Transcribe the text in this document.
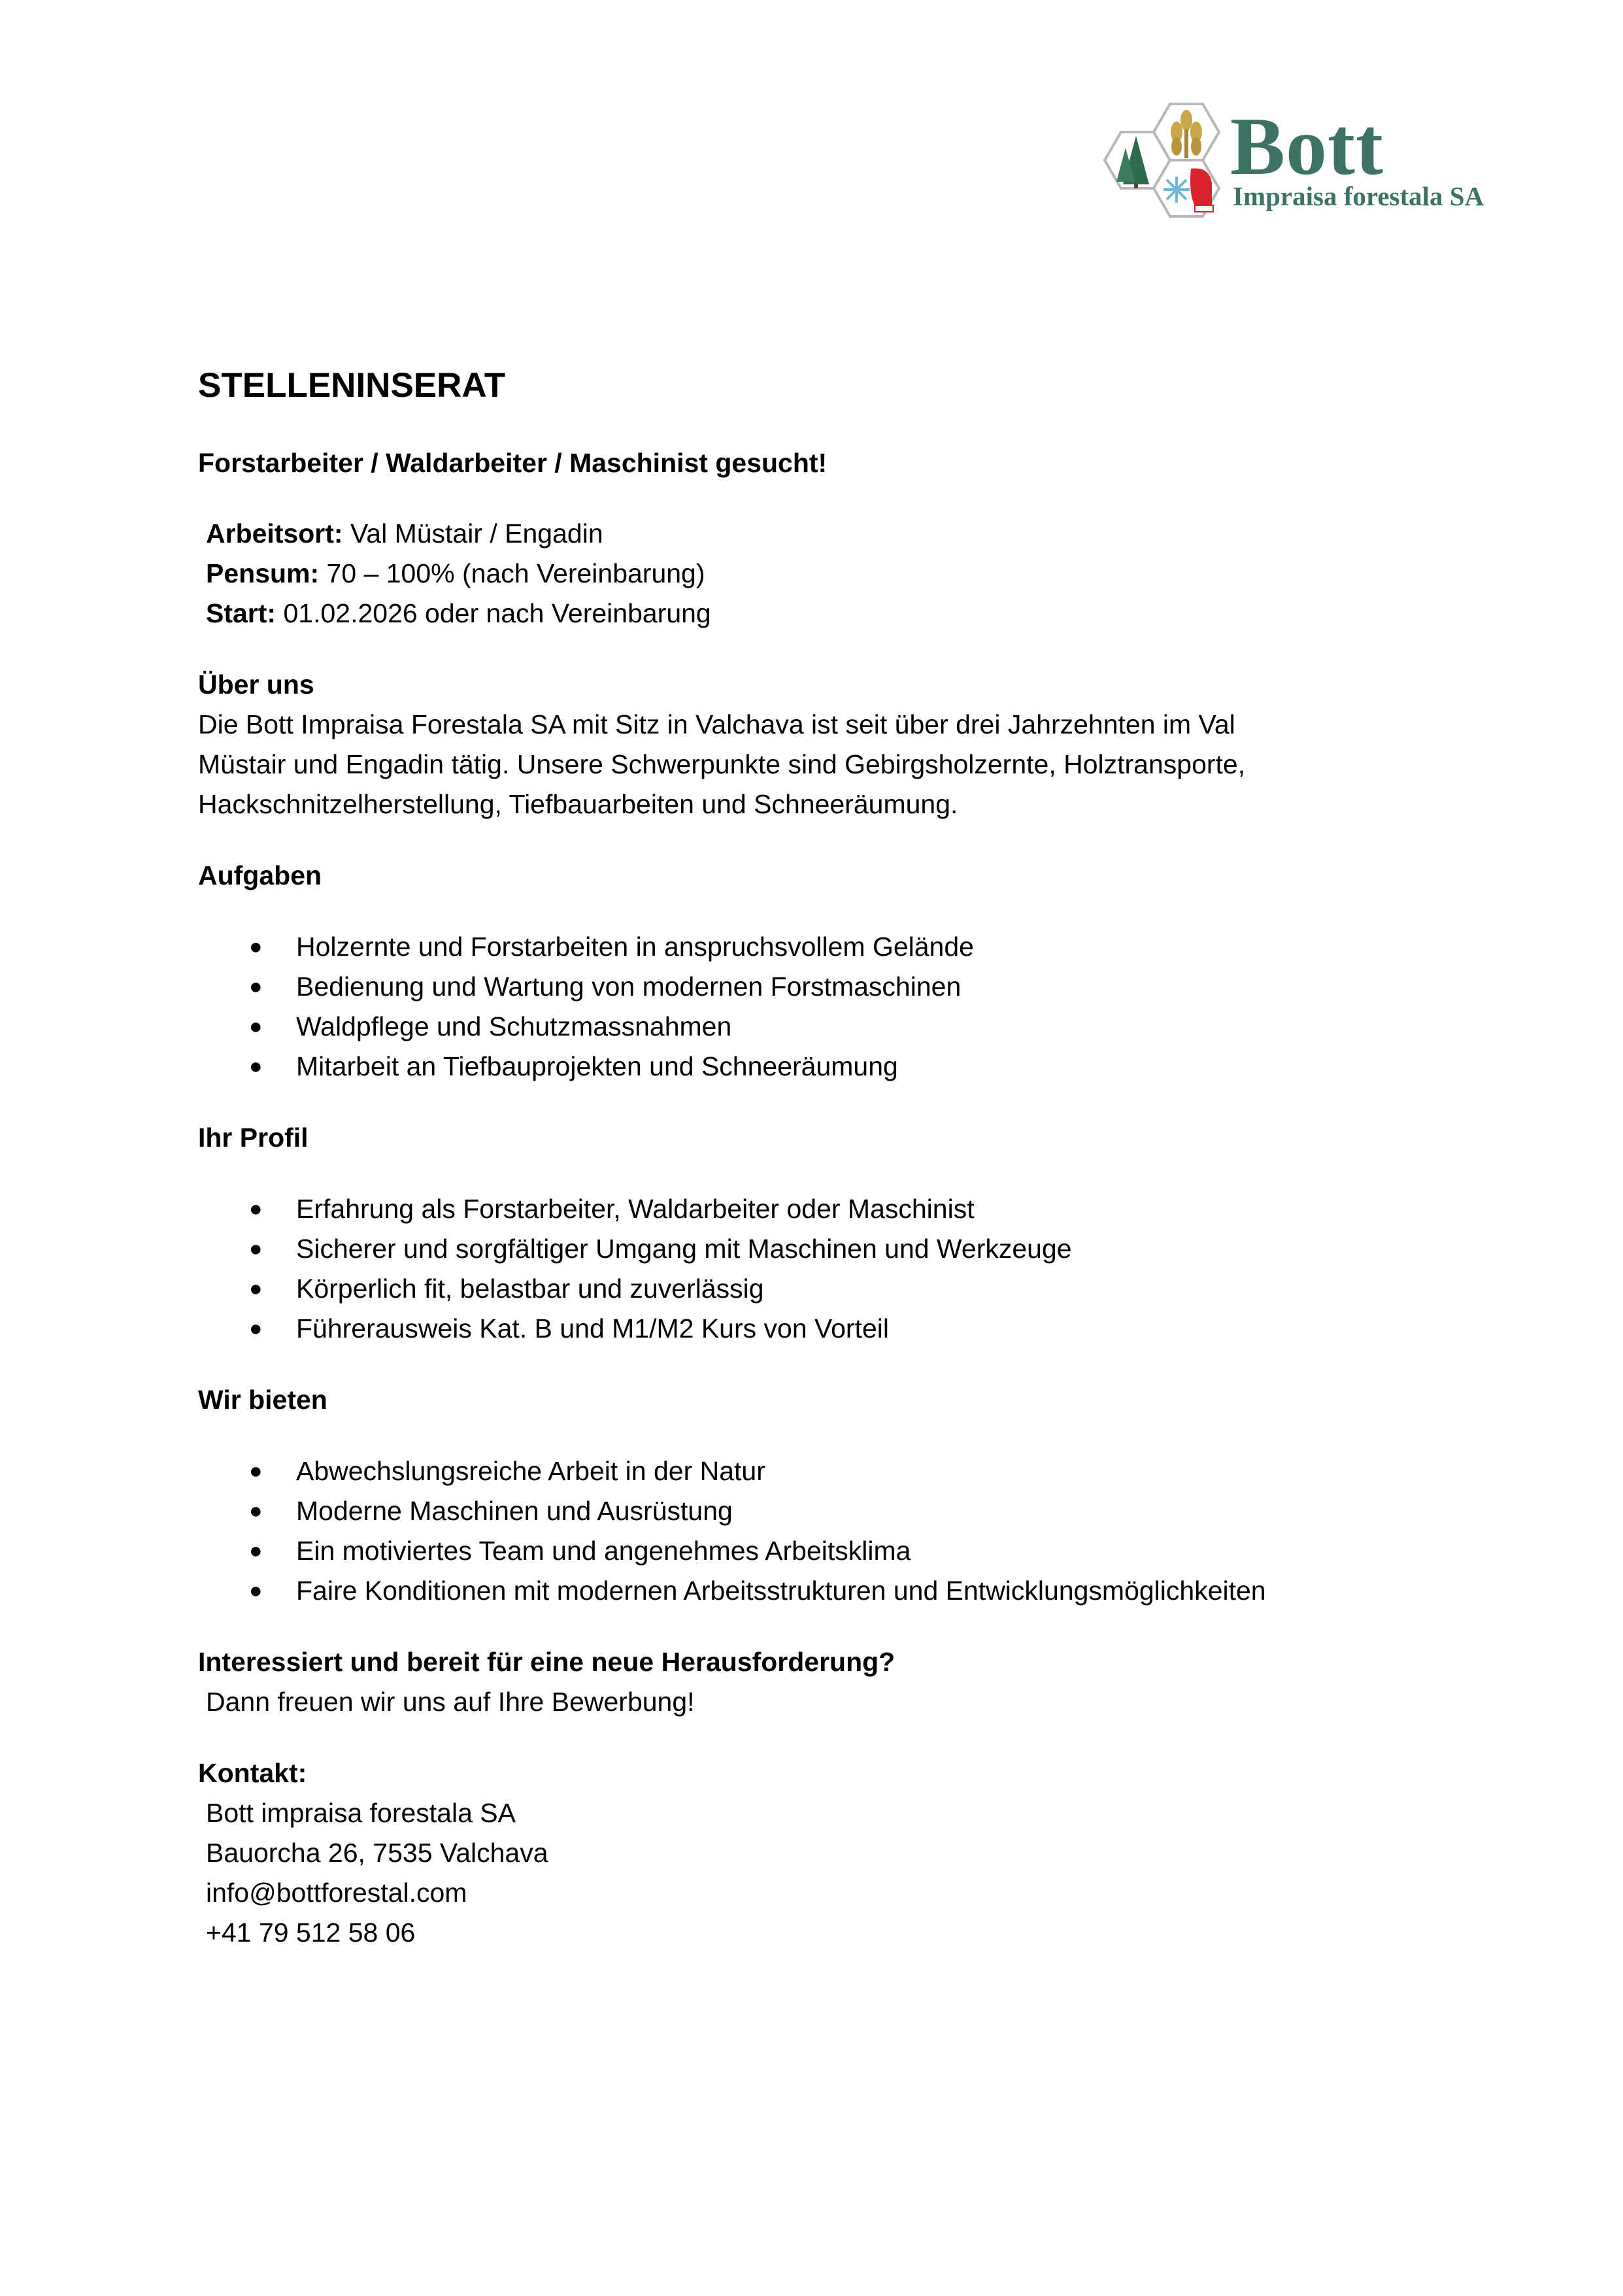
Bott
Impraisa forestala SA
STELLENINSERAT

Forstarbeiter / Waldarbeiter / Maschinist gesucht!

Arbeitsort: Val Müstair / Engadin

Pensum: 70 – 100% (nach Vereinbarung)

Start: 01.02.2026 oder nach Vereinbarung

Über uns

Die Bott Impraisa Forestala SA mit Sitz in Valchava ist seit über drei Jahrzehnten im Val

Müstair und Engadin tätig. Unsere Schwerpunkte sind Gebirgsholzernte, Holztransporte,

Hackschnitzelherstellung, Tiefbauarbeiten und Schneeräumung.

Aufgaben

● Holzernte und Forstarbeiten in anspruchsvollem Gelände
● Bedienung und Wartung von modernen Forstmaschinen
● Waldpflege und Schutzmassnahmen
● Mitarbeit an Tiefbauprojekten und Schneeräumung

Ihr Profil

● Erfahrung als Forstarbeiter, Waldarbeiter oder Maschinist
● Sicherer und sorgfältiger Umgang mit Maschinen und Werkzeuge
● Körperlich fit, belastbar und zuverlässig
● Führerausweis Kat. B und M1/M2 Kurs von Vorteil

Wir bieten

● Abwechslungsreiche Arbeit in der Natur
● Moderne Maschinen und Ausrüstung
● Ein motiviertes Team und angenehmes Arbeitsklima
● Faire Konditionen mit modernen Arbeitsstrukturen und Entwicklungsmöglichkeiten

Interessiert und bereit für eine neue Herausforderung?

Dann freuen wir uns auf Ihre Bewerbung!

Kontakt:

Bott impraisa forestala SA

Bauorcha 26, 7535 Valchava

info@bottforestal.com

+41 79 512 58 06
